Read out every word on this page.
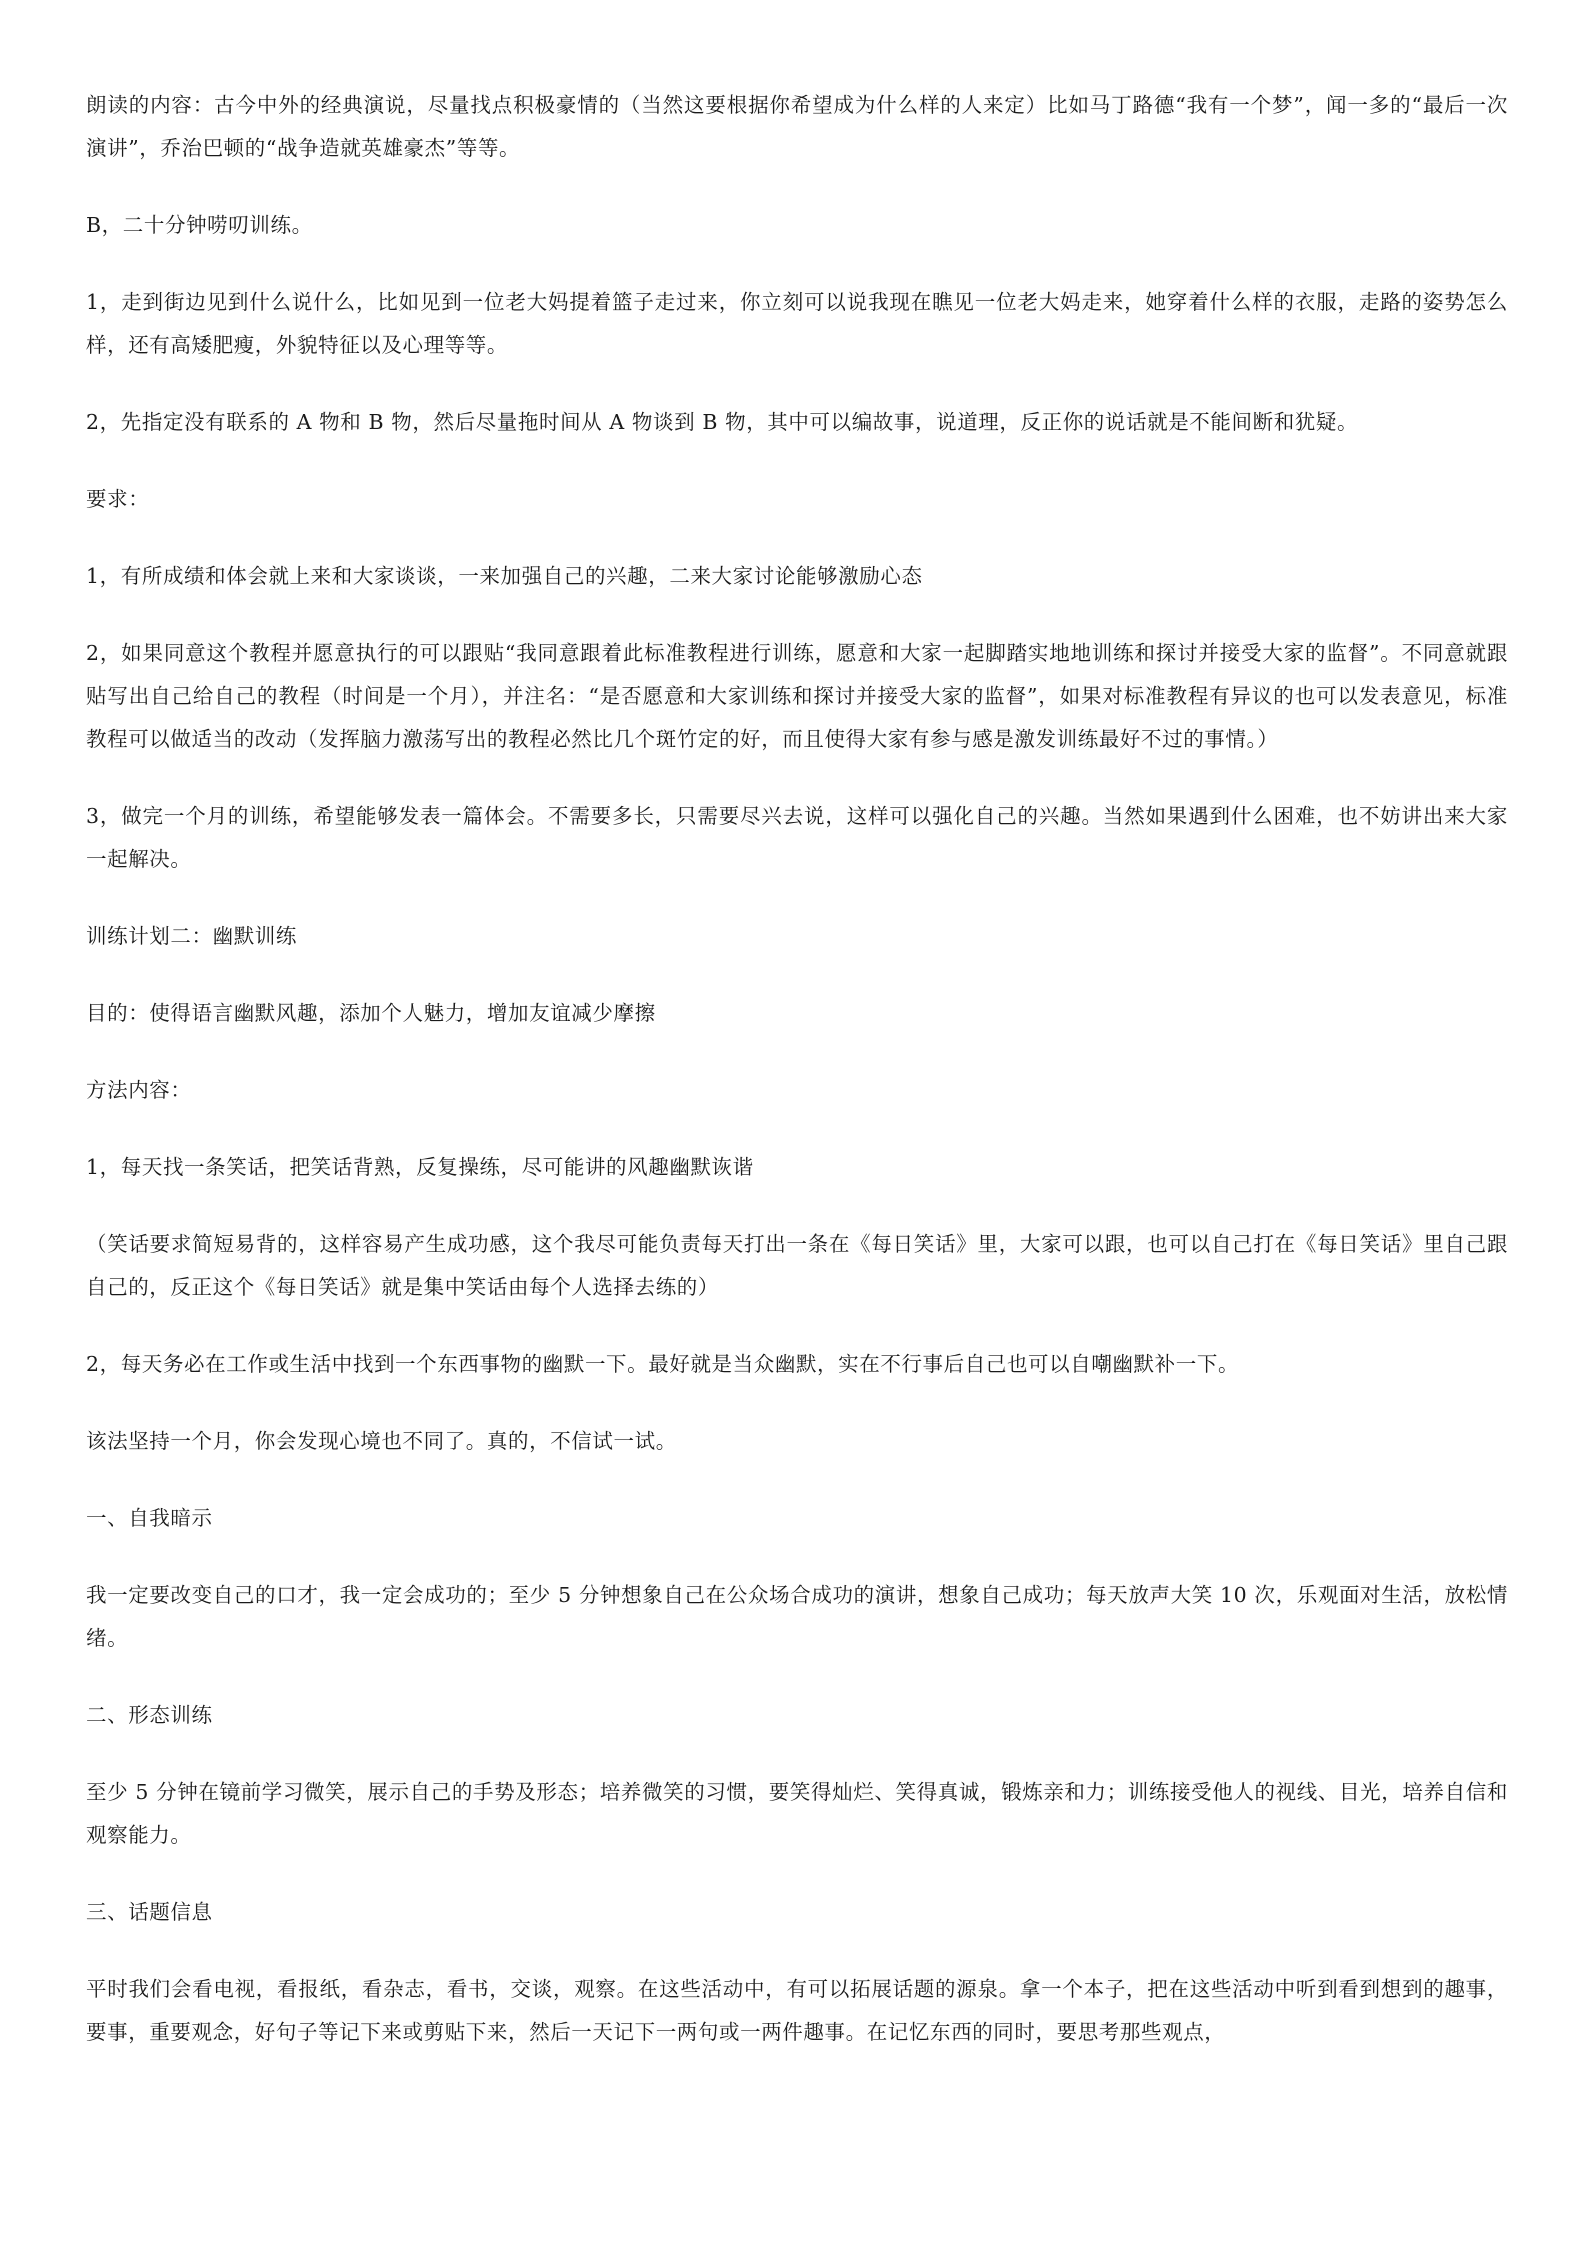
朗读的内容：古今中外的经典演说，尽量找点积极豪情的（当然这要根据你希望成为什么样的人来定）比如马丁路德“我有一个梦”，闻一多的“最后一次演讲”，乔治巴顿的“战争造就英雄豪杰”等等。

B，二十分钟唠叨训练。

1，走到街边见到什么说什么，比如见到一位老大妈提着篮子走过来，你立刻可以说我现在瞧见一位老大妈走来，她穿着什么样的衣服，走路的姿势怎么样，还有高矮肥瘦，外貌特征以及心理等等。

2，先指定没有联系的 A 物和 B 物，然后尽量拖时间从 A 物谈到 B 物，其中可以编故事，说道理，反正你的说话就是不能间断和犹疑。

要求：

1，有所成绩和体会就上来和大家谈谈，一来加强自己的兴趣，二来大家讨论能够激励心态

2，如果同意这个教程并愿意执行的可以跟贴“我同意跟着此标准教程进行训练，愿意和大家一起脚踏实地地训练和探讨并接受大家的监督”。不同意就跟贴写出自己给自己的教程（时间是一个月），并注名：“是否愿意和大家训练和探讨并接受大家的监督”，如果对标准教程有异议的也可以发表意见，标准教程可以做适当的改动（发挥脑力激荡写出的教程必然比几个斑竹定的好，而且使得大家有参与感是激发训练最好不过的事情。）

3，做完一个月的训练，希望能够发表一篇体会。不需要多长，只需要尽兴去说，这样可以强化自己的兴趣。当然如果遇到什么困难，也不妨讲出来大家一起解决。

训练计划二：幽默训练

目的：使得语言幽默风趣，添加个人魅力，增加友谊减少摩擦

方法内容：

1，每天找一条笑话，把笑话背熟，反复操练，尽可能讲的风趣幽默诙谐

（笑话要求简短易背的，这样容易产生成功感，这个我尽可能负责每天打出一条在《每日笑话》里，大家可以跟，也可以自己打在《每日笑话》里自己跟自己的，反正这个《每日笑话》就是集中笑话由每个人选择去练的）

2，每天务必在工作或生活中找到一个东西事物的幽默一下。最好就是当众幽默，实在不行事后自己也可以自嘲幽默补一下。

该法坚持一个月，你会发现心境也不同了。真的，不信试一试。

一、自我暗示

我一定要改变自己的口才，我一定会成功的；至少 5 分钟想象自己在公众场合成功的演讲，想象自己成功；每天放声大笑 10 次，乐观面对生活，放松情绪。

二、形态训练

至少 5 分钟在镜前学习微笑，展示自己的手势及形态；培养微笑的习惯，要笑得灿烂、笑得真诚，锻炼亲和力；训练接受他人的视线、目光，培养自信和观察能力。

三、话题信息

平时我们会看电视，看报纸，看杂志，看书，交谈，观察。在这些活动中，有可以拓展话题的源泉。拿一个本子，把在这些活动中听到看到想到的趣事，要事，重要观念，好句子等记下来或剪贴下来，然后一天记下一两句或一两件趣事。在记忆东西的同时，要思考那些观点，
